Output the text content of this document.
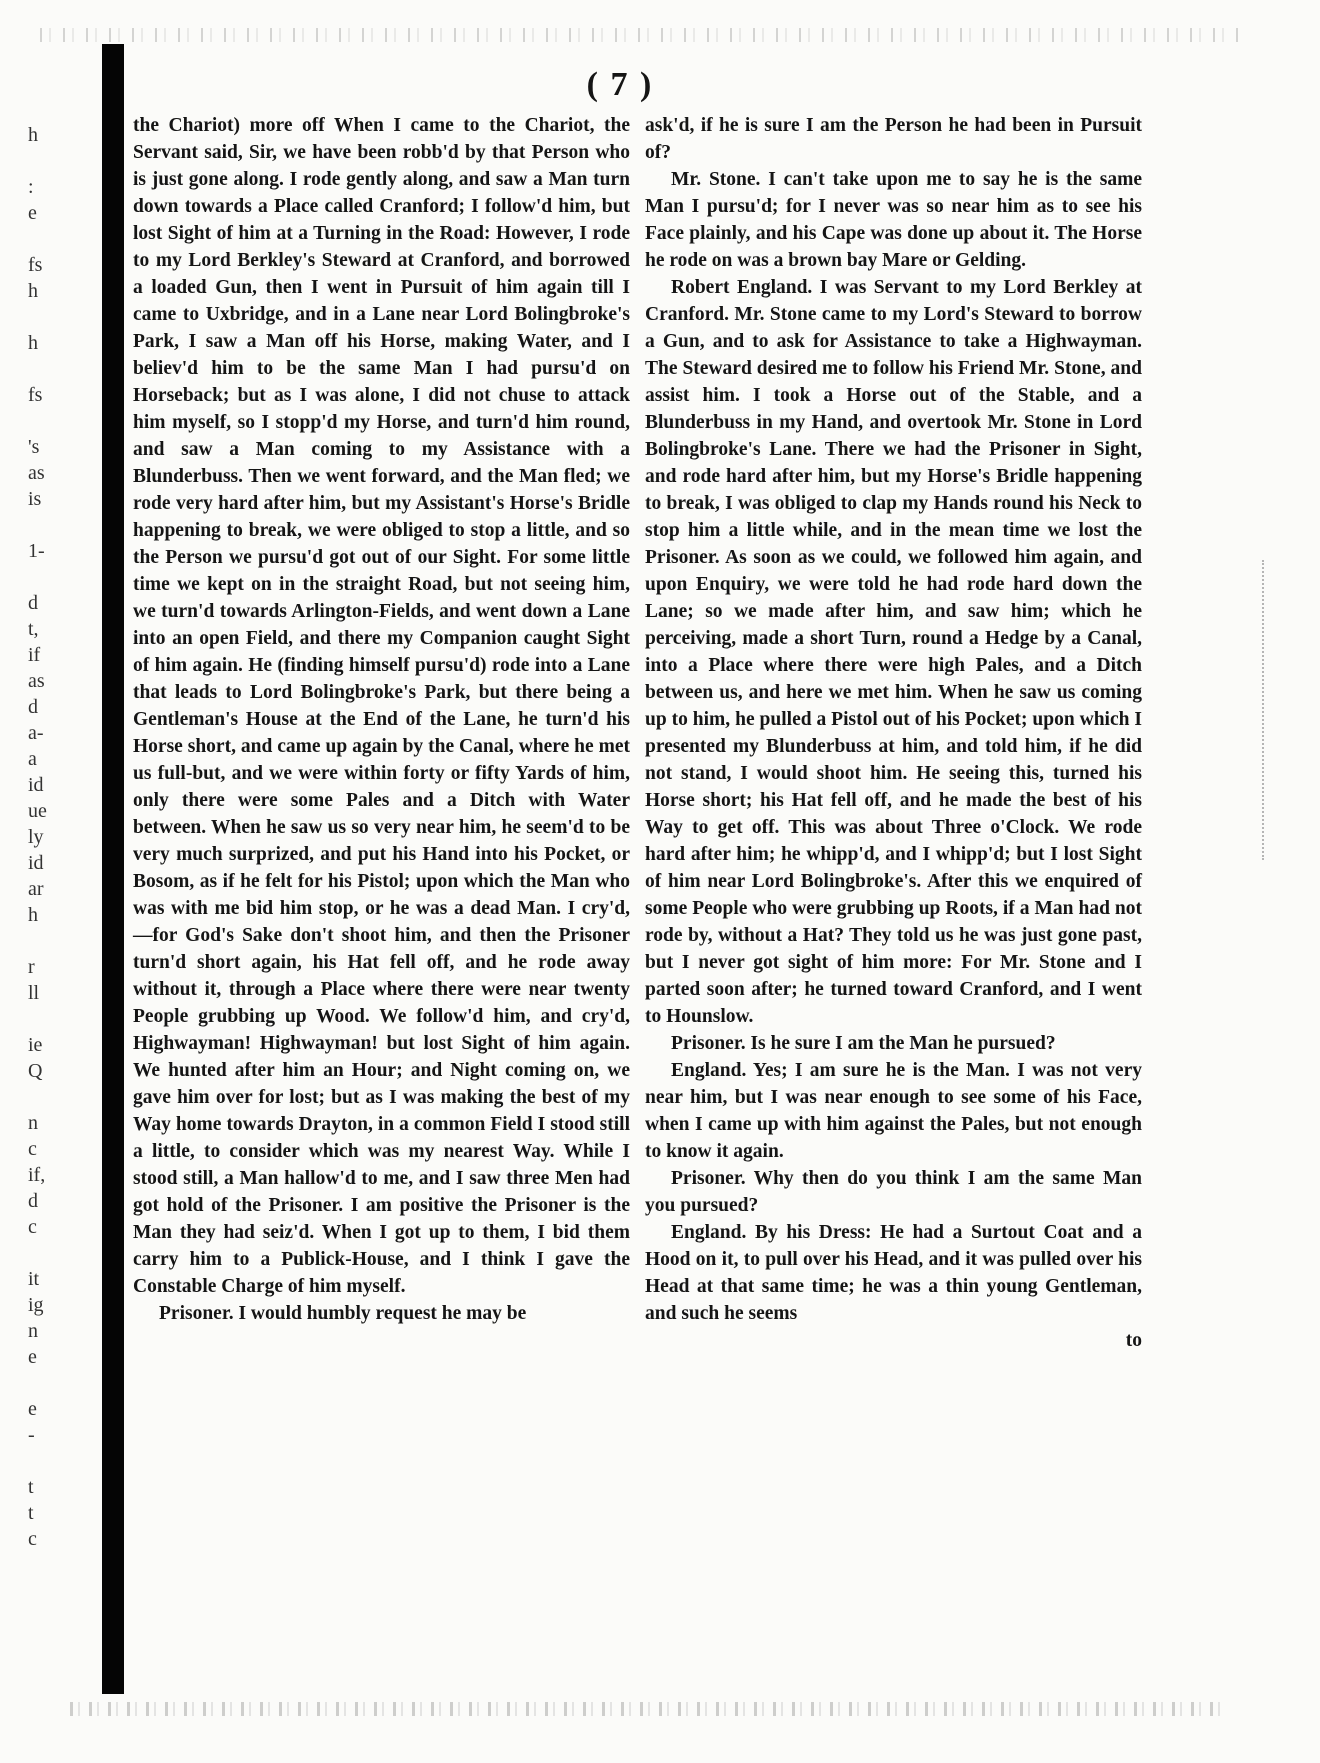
h
:
e
fs
h
h
fs
's
as
is
1-
d
t,
if
as
d
a-
a
id
ue
ly
id
ar
h
r
ll
ie
Q
n
c
if,
d
c
it
ig
n
e
e
-
t
t
c
( 7 )

the Chariot) more off When I came to the Chariot, the Servant said, Sir, we have been robb'd by that Person who is just gone along. I rode gently along, and saw a Man turn down towards a Place called Cranford; I follow'd him, but lost Sight of him at a Turning in the Road: However, I rode to my Lord Berkley's Steward at Cranford, and borrowed a loaded Gun, then I went in Pursuit of him again till I came to Uxbridge, and in a Lane near Lord Bolingbroke's Park, I saw a Man off his Horse, making Water, and I believ'd him to be the same Man I had pursu'd on Horseback; but as I was alone, I did not chuse to attack him myself, so I stopp'd my Horse, and turn'd him round, and saw a Man coming to my Assistance with a Blunderbuss. Then we went forward, and the Man fled; we rode very hard after him, but my Assistant's Horse's Bridle happening to break, we were obliged to stop a little, and so the Person we pursu'd got out of our Sight. For some little time we kept on in the straight Road, but not seeing him, we turn'd towards Arlington-Fields, and went down a Lane into an open Field, and there my Companion caught Sight of him again. He (finding himself pursu'd) rode into a Lane that leads to Lord Bolingbroke's Park, but there being a Gentleman's House at the End of the Lane, he turn'd his Horse short, and came up again by the Canal, where he met us full-but, and we were within forty or fifty Yards of him, only there were some Pales and a Ditch with Water between. When he saw us so very near him, he seem'd to be very much surprized, and put his Hand into his Pocket, or Bosom, as if he felt for his Pistol; upon which the Man who was with me bid him stop, or he was a dead Man. I cry'd, —for God's Sake don't shoot him, and then the Prisoner turn'd short again, his Hat fell off, and he rode away without it, through a Place where there were near twenty People grubbing up Wood. We follow'd him, and cry'd, Highwayman! Highwayman! but lost Sight of him again. We hunted after him an Hour; and Night coming on, we gave him over for lost; but as I was making the best of my Way home towards Drayton, in a common Field I stood still a little, to consider which was my nearest Way. While I stood still, a Man hallow'd to me, and I saw three Men had got hold of the Prisoner. I am positive the Prisoner is the Man they had seiz'd. When I got up to them, I bid them carry him to a Publick-House, and I think I gave the Constable Charge of him myself.

Prisoner. I would humbly request he may be

ask'd, if he is sure I am the Person he had been in Pursuit of?

Mr. Stone. I can't take upon me to say he is the same Man I pursu'd; for I never was so near him as to see his Face plainly, and his Cape was done up about it. The Horse he rode on was a brown bay Mare or Gelding.

Robert England. I was Servant to my Lord Berkley at Cranford. Mr. Stone came to my Lord's Steward to borrow a Gun, and to ask for Assistance to take a Highwayman. The Steward desired me to follow his Friend Mr. Stone, and assist him. I took a Horse out of the Stable, and a Blunderbuss in my Hand, and overtook Mr. Stone in Lord Bolingbroke's Lane. There we had the Prisoner in Sight, and rode hard after him, but my Horse's Bridle happening to break, I was obliged to clap my Hands round his Neck to stop him a little while, and in the mean time we lost the Prisoner. As soon as we could, we followed him again, and upon Enquiry, we were told he had rode hard down the Lane; so we made after him, and saw him; which he perceiving, made a short Turn, round a Hedge by a Canal, into a Place where there were high Pales, and a Ditch between us, and here we met him. When he saw us coming up to him, he pulled a Pistol out of his Pocket; upon which I presented my Blunderbuss at him, and told him, if he did not stand, I would shoot him. He seeing this, turned his Horse short; his Hat fell off, and he made the best of his Way to get off. This was about Three o'Clock. We rode hard after him; he whipp'd, and I whipp'd; but I lost Sight of him near Lord Bolingbroke's. After this we enquired of some People who were grubbing up Roots, if a Man had not rode by, without a Hat? They told us he was just gone past, but I never got sight of him more: For Mr. Stone and I parted soon after; he turned toward Cranford, and I went to Hounslow.

Prisoner. Is he sure I am the Man he pursued?

England. Yes; I am sure he is the Man. I was not very near him, but I was near enough to see some of his Face, when I came up with him against the Pales, but not enough to know it again.

Prisoner. Why then do you think I am the same Man you pursued?

England. By his Dress: He had a Surtout Coat and a Hood on it, to pull over his Head, and it was pulled over his Head at that same time; he was a thin young Gentleman, and such he seems

to
